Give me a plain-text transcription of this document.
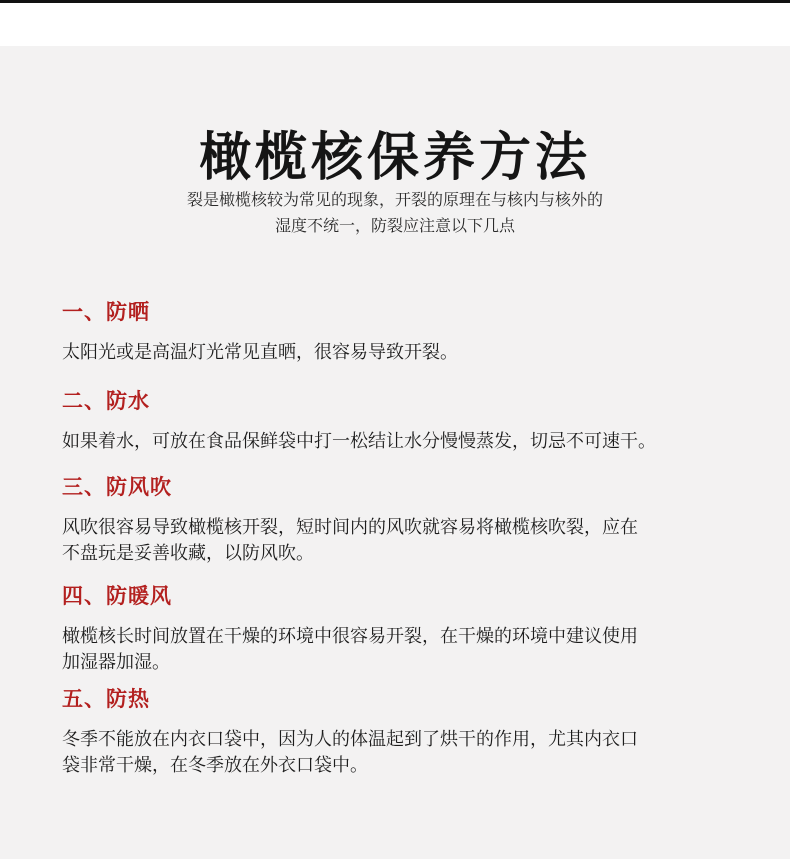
橄榄核保养方法
裂是橄榄核较为常见的现象，开裂的原理在与核内与核外的
湿度不统一，防裂应注意以下几点
一、防晒
太阳光或是高温灯光常见直晒，很容易导致开裂。
二、防水
如果着水，可放在食品保鲜袋中打一松结让水分慢慢蒸发，切忌不可速干。
三、防风吹
风吹很容易导致橄榄核开裂，短时间内的风吹就容易将橄榄核吹裂，应在
不盘玩是妥善收藏，以防风吹。
四、防暖风
橄榄核长时间放置在干燥的环境中很容易开裂，在干燥的环境中建议使用
加湿器加湿。
五、防热
冬季不能放在内衣口袋中，因为人的体温起到了烘干的作用，尤其内衣口
袋非常干燥，在冬季放在外衣口袋中。
